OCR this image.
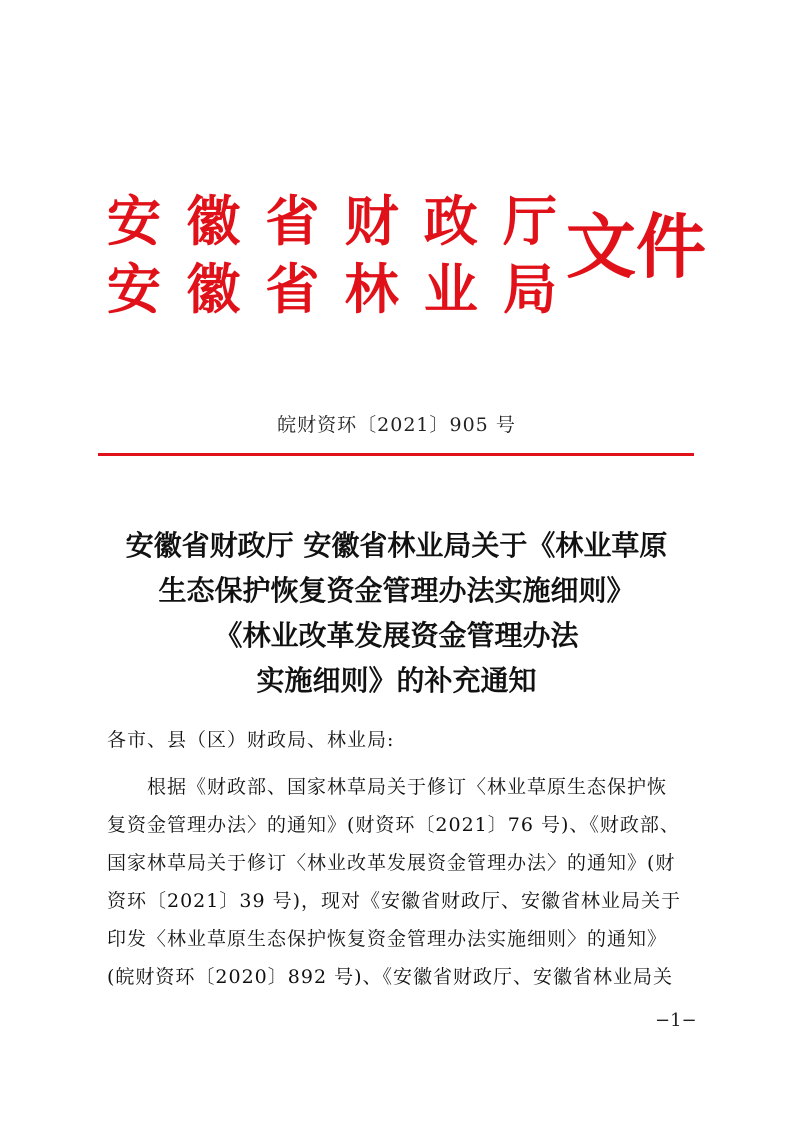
安 徽 省 财 政 厅
安 徽 省 林 业 局
文件
皖财资环〔2021〕905 号
安徽省财政厅 安徽省林业局关于《林业草原
生态保护恢复资金管理办法实施细则》
《林业改革发展资金管理办法
实施细则》的补充通知
各市、县（区）财政局、林业局:
根据《财政部、国家林草局关于修订〈林业草原生态保护恢
复资金管理办法〉的通知》(财资环〔2021〕76 号)、《财政部、
国家林草局关于修订〈林业改革发展资金管理办法〉的通知》(财
资环〔2021〕39 号)，现对《安徽省财政厅、安徽省林业局关于
印发〈林业草原生态保护恢复资金管理办法实施细则〉的通知》
(皖财资环〔2020〕892 号)、《安徽省财政厅、安徽省林业局关
−1−
